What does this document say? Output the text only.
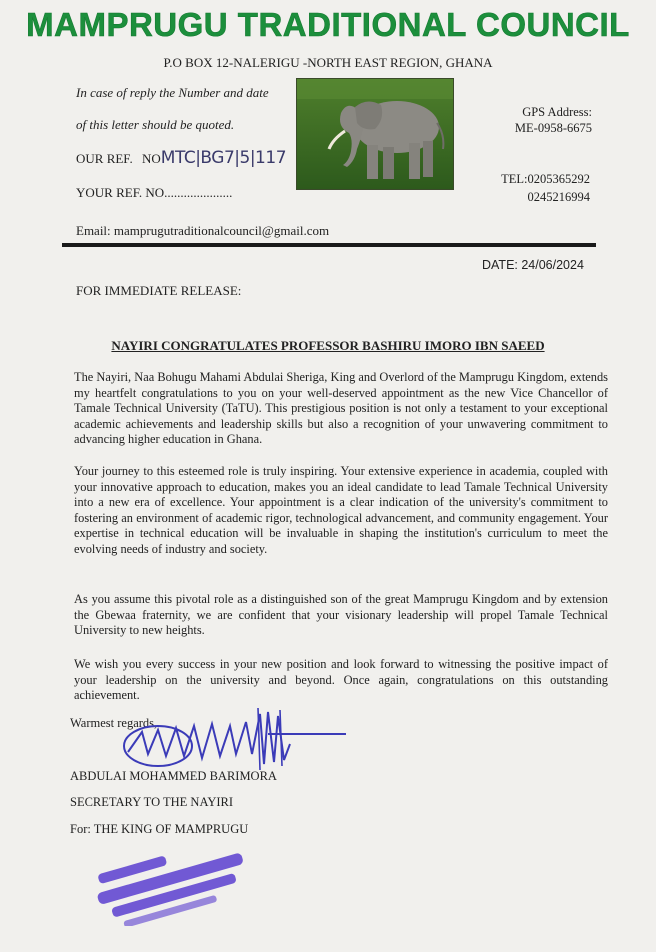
MAMPRUGU TRADITIONAL COUNCIL
P.O BOX 12-NALERIGU -NORTH EAST REGION, GHANA
In case of reply the Number and date
of this letter should be quoted.
OUR REF. NOMTC|BG7|5|117
YOUR REF. NO.....................
GPS Address:
ME-0958-6675
TEL:0205365292
0245216994
Email: mamprugutraditionalcouncil@gmail.com
DATE: 24/06/2024
FOR IMMEDIATE RELEASE:
NAYIRI CONGRATULATES PROFESSOR BASHIRU IMORO IBN SAEED
The Nayiri, Naa Bohugu Mahami Abdulai Sheriga, King and Overlord of the Mamprugu Kingdom, extends my heartfelt congratulations to you on your well-deserved appointment as the new Vice Chancellor of Tamale Technical University (TaTU). This prestigious position is not only a testament to your exceptional academic achievements and leadership skills but also a recognition of your unwavering commitment to advancing higher education in Ghana.
Your journey to this esteemed role is truly inspiring. Your extensive experience in academia, coupled with your innovative approach to education, makes you an ideal candidate to lead Tamale Technical University into a new era of excellence. Your appointment is a clear indication of the university's commitment to fostering an environment of academic rigor, technological advancement, and community engagement. Your expertise in technical education will be invaluable in shaping the institution's curriculum to meet the evolving needs of industry and society.
As you assume this pivotal role as a distinguished son of the great Mamprugu Kingdom and by extension the Gbewaa fraternity, we are confident that your visionary leadership will propel Tamale Technical University to new heights.
We wish you every success in your new position and look forward to witnessing the positive impact of your leadership on the university and beyond. Once again, congratulations on this outstanding achievement.
Warmest regards,
ABDULAI MOHAMMED BARIMORA
SECRETARY TO THE NAYIRI
For: THE KING OF MAMPRUGU
